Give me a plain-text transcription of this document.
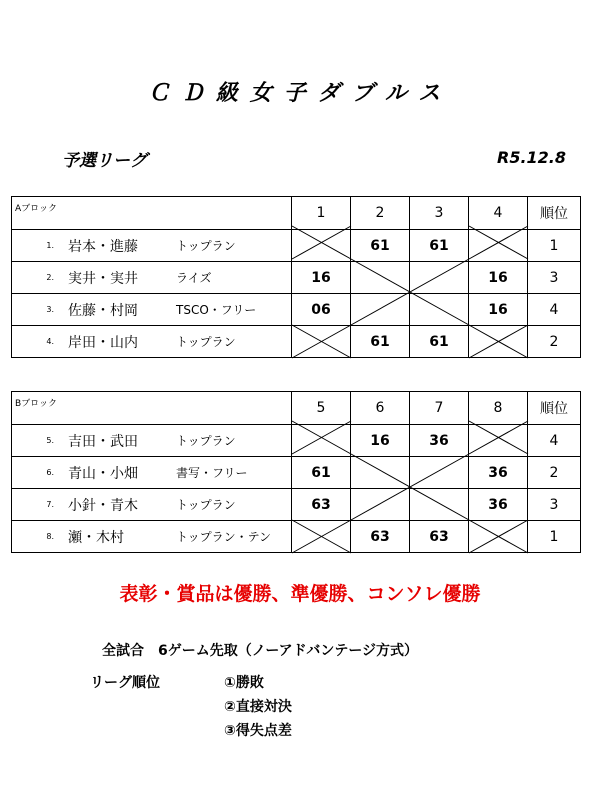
ＣＤ級女子ダブルス
予選リーグ	R5.12.8
Aブロック	1	2	3	4	順位
1. 岩本・進藤 トップラン		61	61		1
2. 実井・実井 ライズ	16			16	3
3. 佐藤・村岡 TSCO・フリー	06			16	4
4. 岸田・山内 トップラン		61	61		2
Bブロック	5	6	7	8	順位
5. 吉田・武田 トップラン		16	36		4
6. 青山・小畑 書写・フリー	61			36	2
7. 小針・青木 トップラン	63			36	3
8. 瀬・木村 トップラン・テン		63	63		1
表彰・賞品は優勝、準優勝、コンソレ優勝
全試合　6ゲーム先取（ノーアドバンテージ方式）
リーグ順位	①勝敗
②直接対決
③得失点差
